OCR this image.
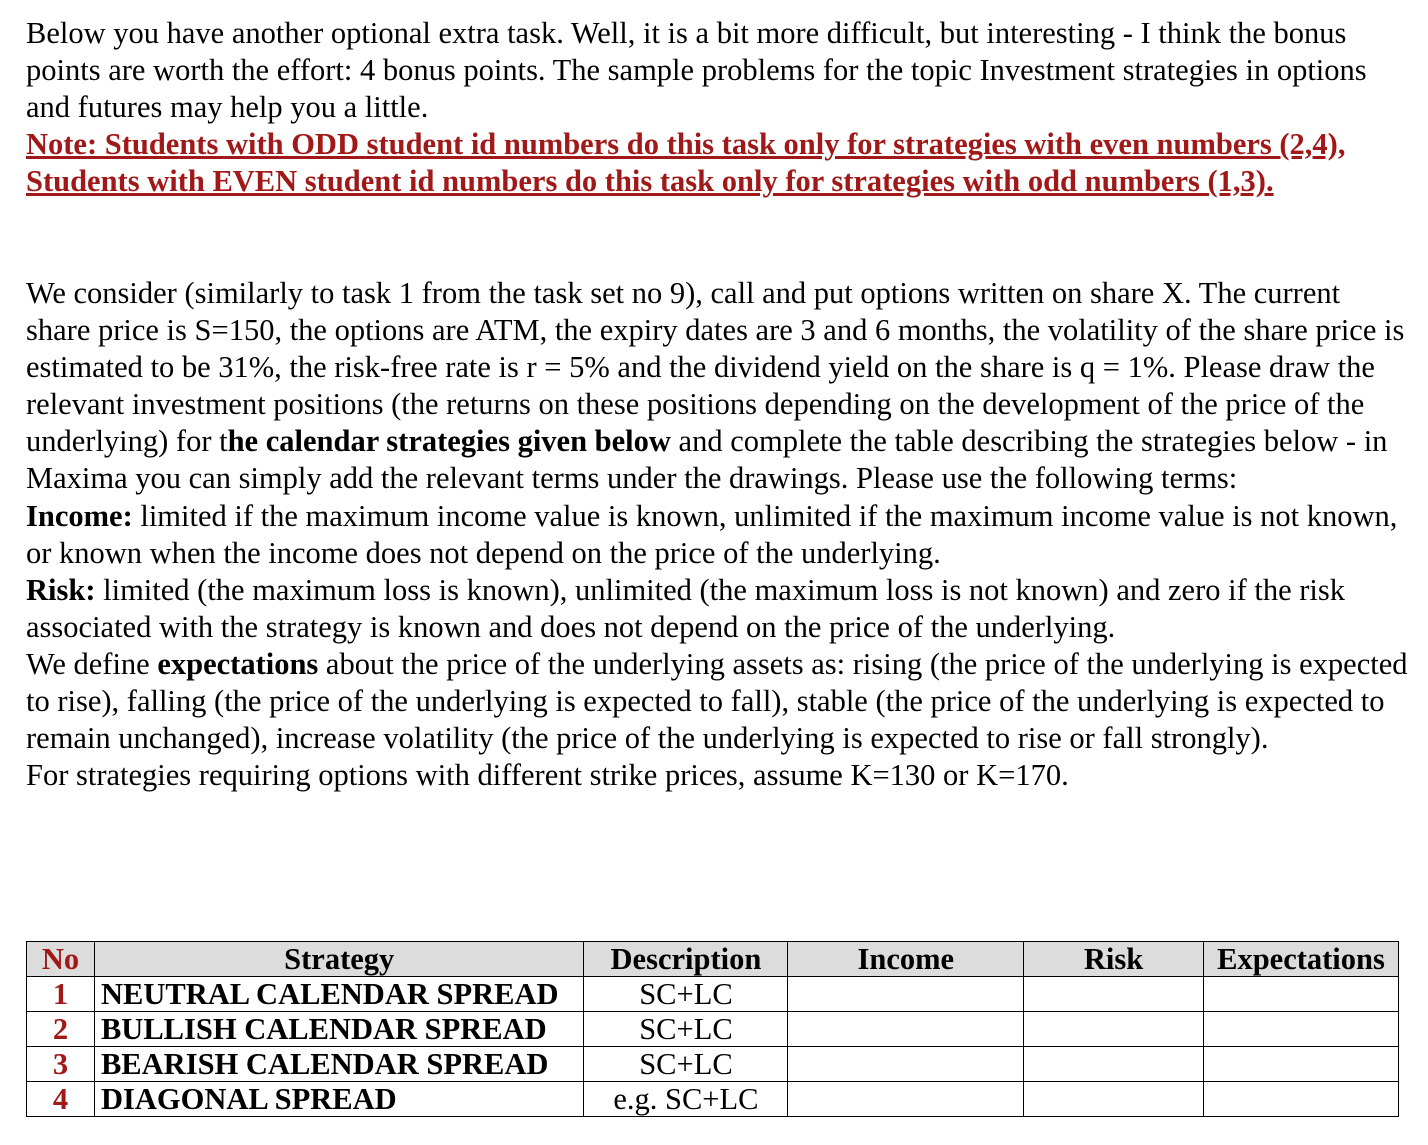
Below you have another optional extra task. Well, it is a bit more difficult, but interesting - I think the bonus points are worth the effort: 4 bonus points. The sample problems for the topic Investment strategies in options and futures may help you a little.
Note: Students with ODD student id numbers do this task only for strategies with even numbers (2,4), Students with EVEN student id numbers do this task only for strategies with odd numbers (1,3).
We consider (similarly to task 1 from the task set no 9), call and put options written on share X. The current share price is S=150, the options are ATM, the expiry dates are 3 and 6 months, the volatility of the share price is estimated to be 31%, the risk-free rate is r = 5% and the dividend yield on the share is q = 1%. Please draw the relevant investment positions (the returns on these positions depending on the development of the price of the underlying) for the calendar strategies given below and complete the table describing the strategies below - in Maxima you can simply add the relevant terms under the drawings. Please use the following terms:
Income: limited if the maximum income value is known, unlimited if the maximum income value is not known, or known when the income does not depend on the price of the underlying.
Risk: limited (the maximum loss is known), unlimited (the maximum loss is not known) and zero if the risk associated with the strategy is known and does not depend on the price of the underlying.
We define expectations about the price of the underlying assets as: rising (the price of the underlying is expected to rise), falling (the price of the underlying is expected to fall), stable (the price of the underlying is expected to remain unchanged), increase volatility (the price of the underlying is expected to rise or fall strongly).
For strategies requiring options with different strike prices, assume K=130 or K=170.
No	Strategy	Description	Income	Risk	Expectations
1	NEUTRAL CALENDAR SPREAD	SC+LC			
2	BULLISH CALENDAR SPREAD	SC+LC			
3	BEARISH CALENDAR SPREAD	SC+LC			
4	DIAGONAL SPREAD	e.g. SC+LC			
